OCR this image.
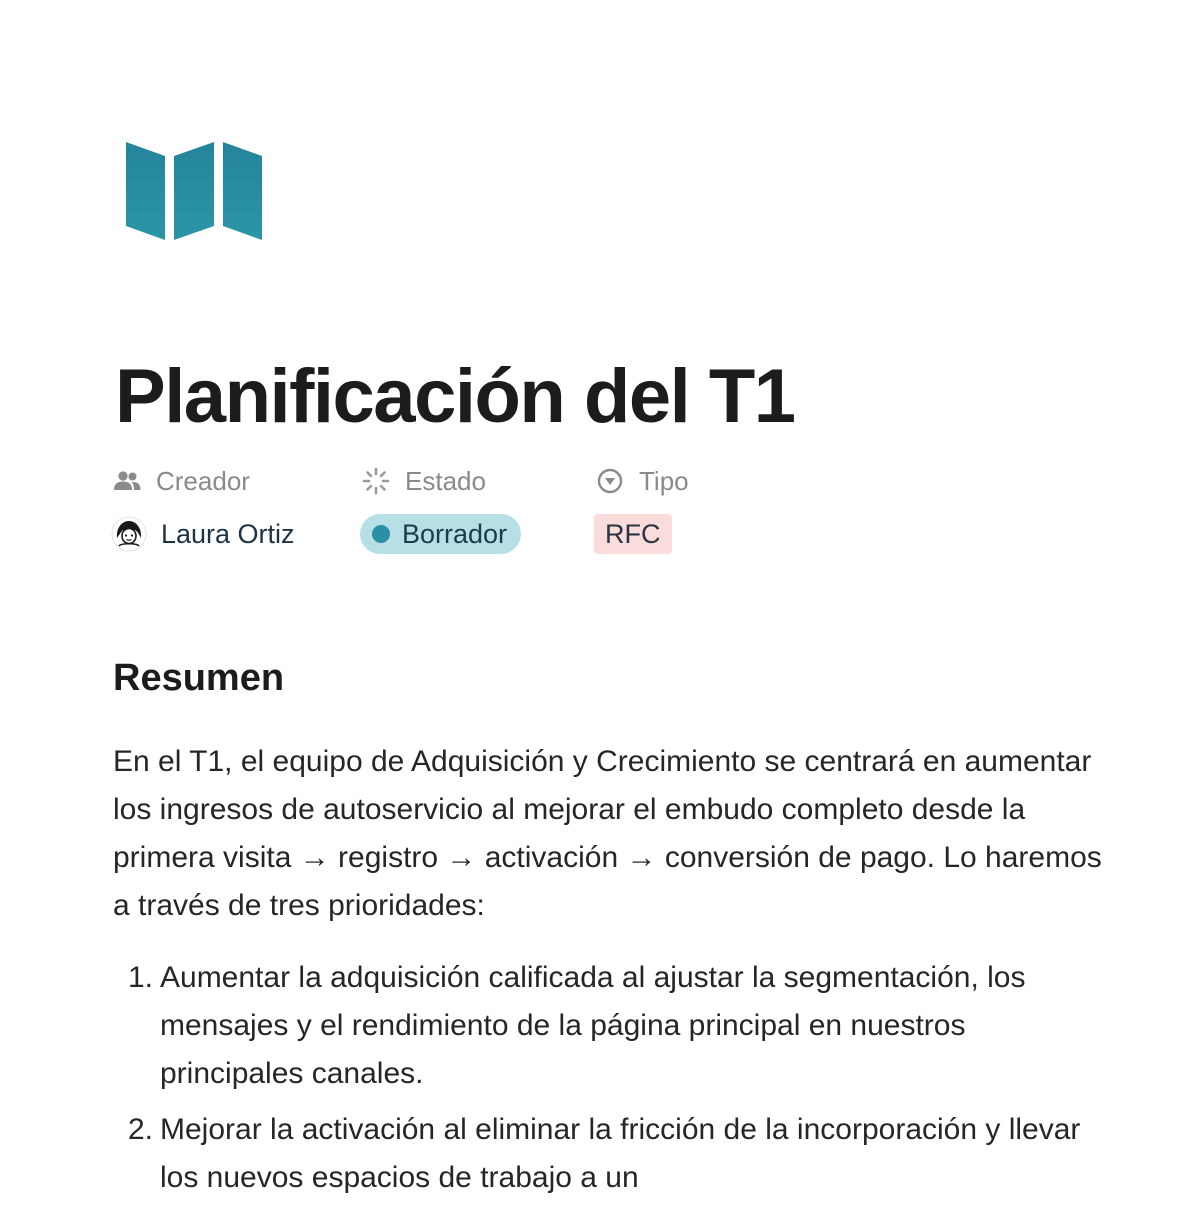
Planificación del T1
Creador	Estado	Tipo
Laura Ortiz	Borrador	RFC
Resumen

En el T1, el equipo de Adquisición y Crecimiento se centrará en aumentar los ingresos de autoservicio al mejorar el embudo completo desde la primera visita → registro → activación → conversión de pago. Lo haremos a través de tres prioridades:

1. Aumentar la adquisición calificada al ajustar la segmentación, los mensajes y el rendimiento de la página principal en nuestros principales canales.
2. Mejorar la activación al eliminar la fricción de la incorporación y llevar los nuevos espacios de trabajo a un
